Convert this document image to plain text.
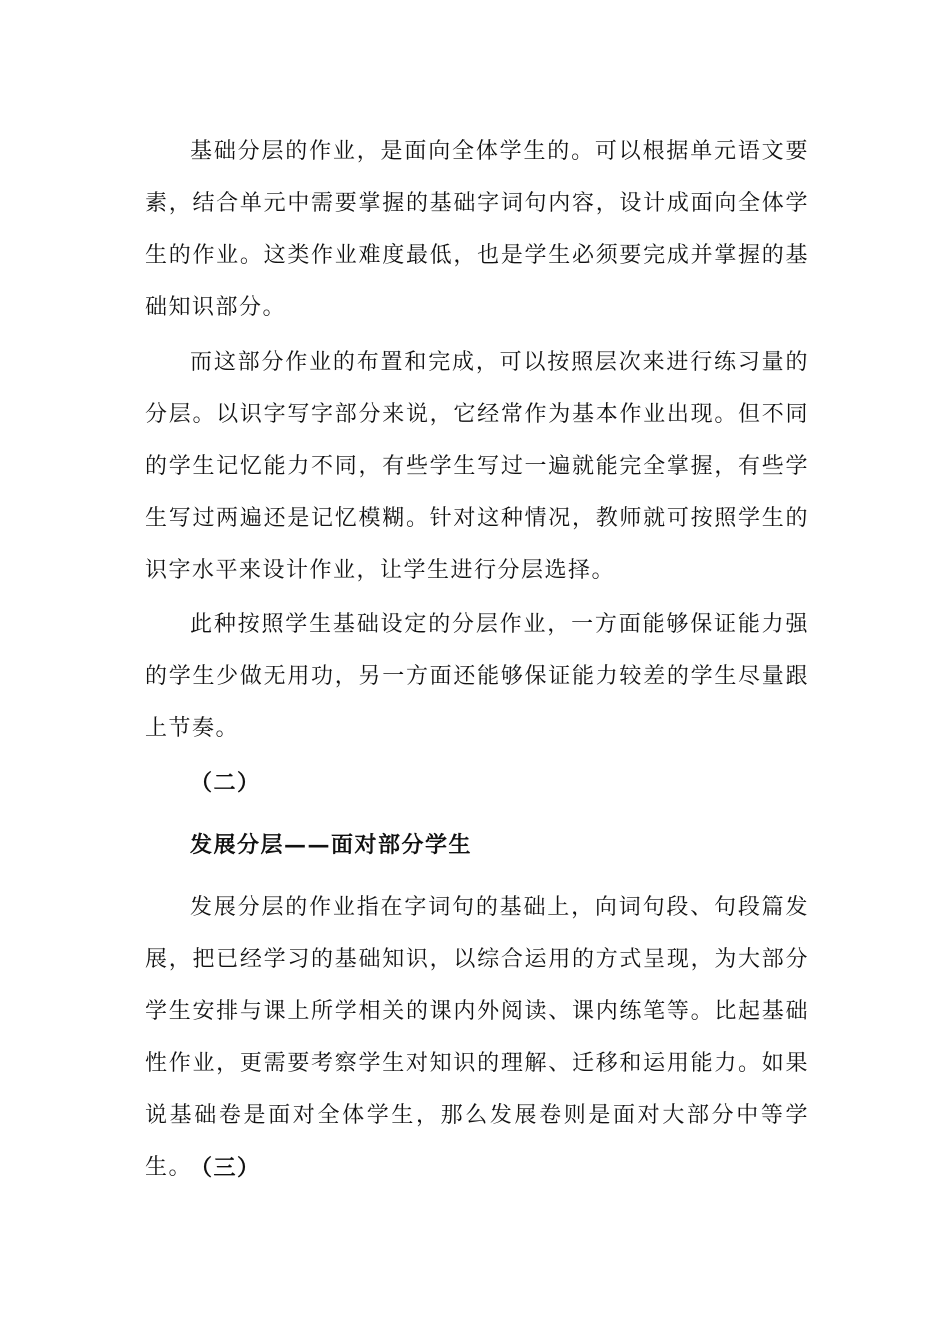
基础分层的作业，是面向全体学生的。可以根据单元语文要素，结合单元中需要掌握的基础字词句内容，设计成面向全体学生的作业。这类作业难度最低，也是学生必须要完成并掌握的基础知识部分。

而这部分作业的布置和完成，可以按照层次来进行练习量的分层。以识字写字部分来说，它经常作为基本作业出现。但不同的学生记忆能力不同，有些学生写过一遍就能完全掌握，有些学生写过两遍还是记忆模糊。针对这种情况，教师就可按照学生的识字水平来设计作业，让学生进行分层选择。

此种按照学生基础设定的分层作业，一方面能够保证能力强的学生少做无用功，另一方面还能够保证能力较差的学生尽量跟上节奏。

（二）
发展分层——面对部分学生

发展分层的作业指在字词句的基础上，向词句段、句段篇发展，把已经学习的基础知识，以综合运用的方式呈现，为大部分学生安排与课上所学相关的课内外阅读、课内练笔等。比起基础性作业，更需要考察学生对知识的理解、迁移和运用能力。如果说基础卷是面对全体学生，那么发展卷则是面对大部分中等学生。

（三）
